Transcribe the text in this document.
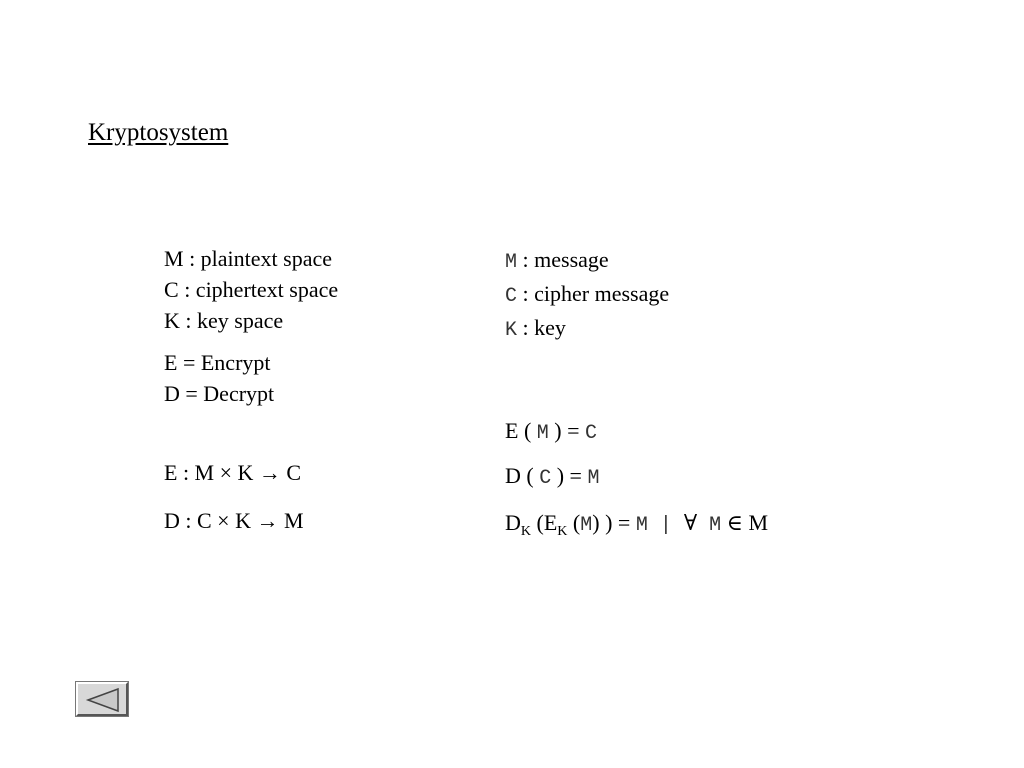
Kryptosystem
M : plaintext space
C : ciphertext space
K : key space
E = Encrypt
D = Decrypt
E : M × K → C
D : C × K → M
M : message
C : cipher message
K : key
E ( M ) = C
D ( C ) = M
$D_K$ ($E_K$ (M) ) = M | ∀ M ∈ M
